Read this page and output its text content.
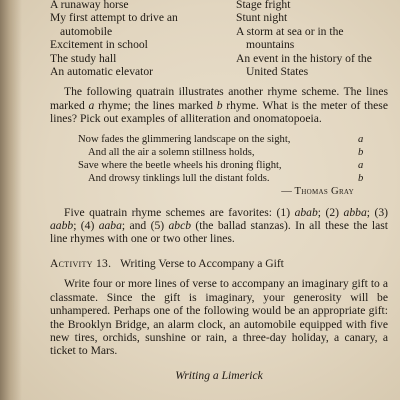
A runaway horse
My first attempt to drive an automobile
Excitement in school
The study hall
An automatic elevator
Stage fright
Stunt night
A storm at sea or in the mountains
An event in the history of the United States

The following quatrain illustrates another rhyme scheme. The lines marked a rhyme; the lines marked b rhyme. What is the meter of these lines? Pick out examples of alliteration and onomatopoeia.

Now fades the glimmering landscape on the sight,	a
And all the air a solemn stillness holds,	b
Save where the beetle wheels his droning flight,	a
And drowsy tinklings lull the distant folds.	b
— Thomas Gray

Five quatrain rhyme schemes are favorites: (1) abab; (2) abba; (3) aabb; (4) aaba; and (5) abcb (the ballad stanzas). In all these the last line rhymes with one or two other lines.

Activity 13. Writing Verse to Accompany a Gift

Write four or more lines of verse to accompany an imaginary gift to a classmate. Since the gift is imaginary, your generosity will be unhampered. Perhaps one of the following would be an appropriate gift: the Brooklyn Bridge, an alarm clock, an automobile equipped with five new tires, orchids, sunshine or rain, a three-day holiday, a canary, a ticket to Mars.

Writing a Limerick
